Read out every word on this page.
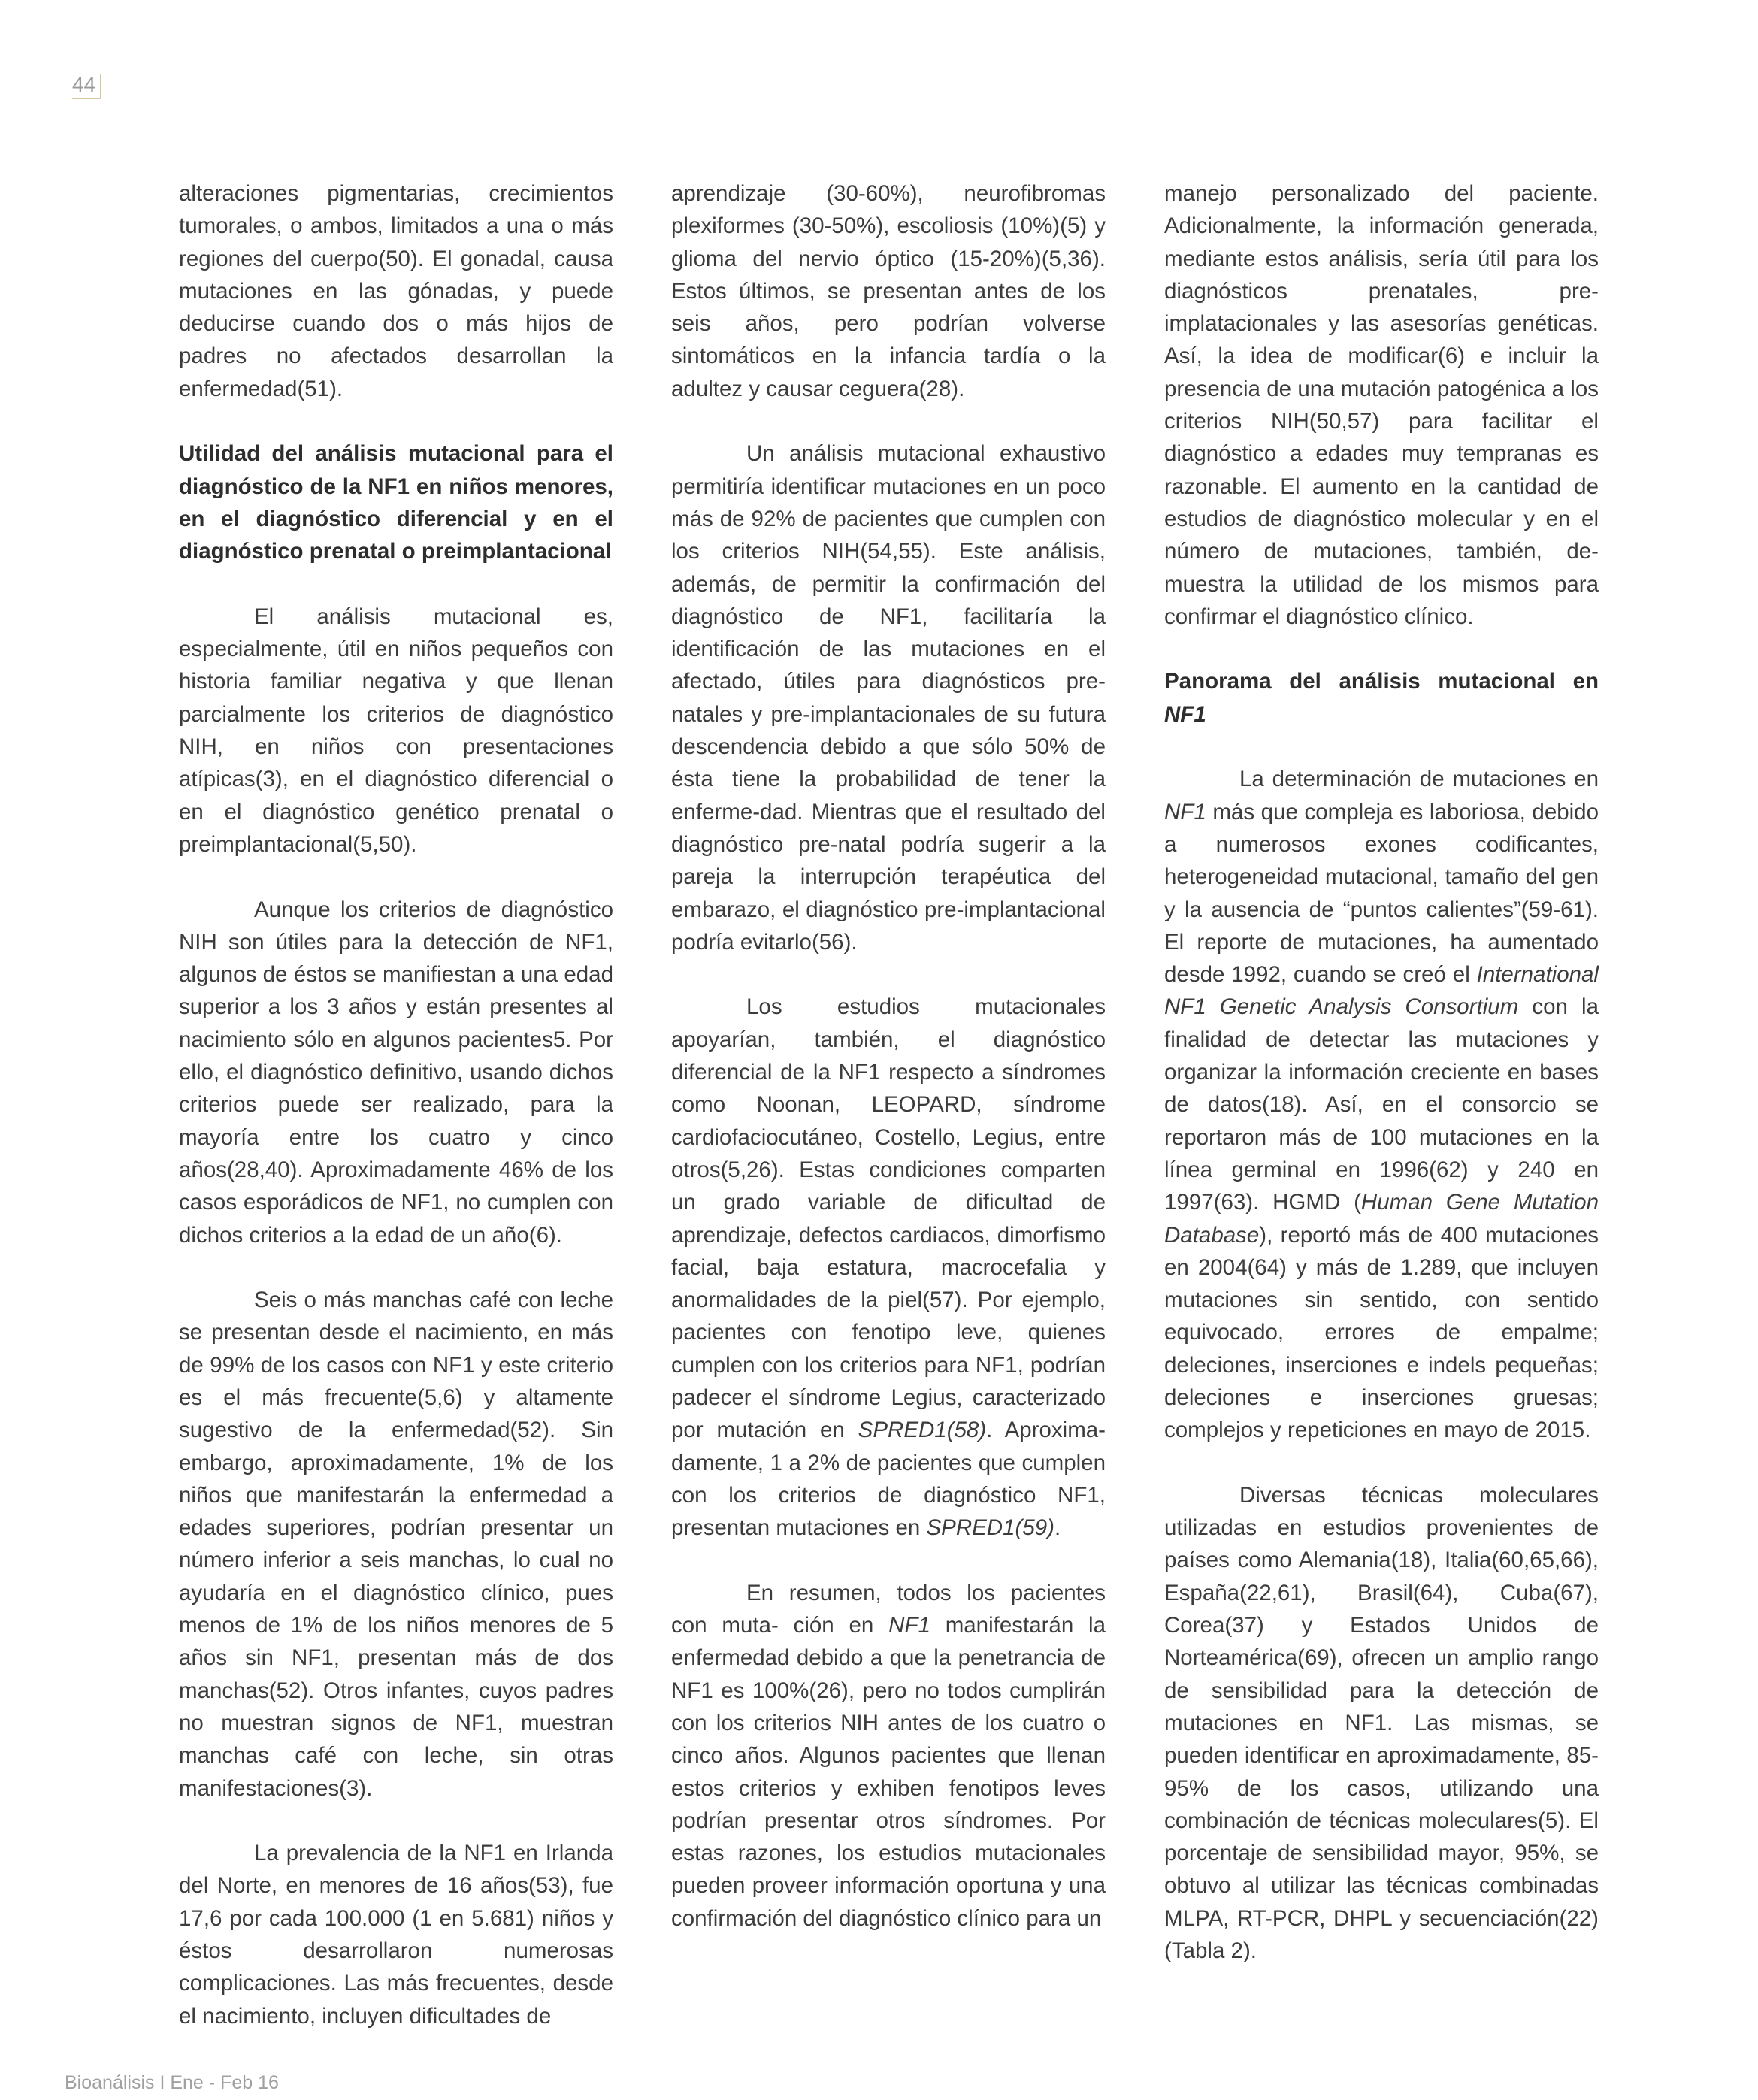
44

alteraciones pigmentarias, crecimientos tumorales, o ambos, limitados a una o más regiones del cuerpo(50). El gonadal, causa mutaciones en las gónadas, y puede deducirse cuando dos o más hijos de padres no afectados desarrollan la enfermedad(51).

Utilidad del análisis mutacional para el diagnóstico de la NF1 en niños menores, en el diagnóstico diferencial y en el diagnóstico prenatal o preimplantacional

El análisis mutacional es, especialmente, útil en niños pequeños con historia familiar negativa y que llenan parcialmente los criterios de diagnóstico NIH, en niños con presentaciones atípicas(3), en el diagnóstico diferencial o en el diagnóstico genético prenatal o preimplantacional(5,50).

Aunque los criterios de diagnóstico NIH son útiles para la detección de NF1, algunos de éstos se manifiestan a una edad superior a los 3 años y están presentes al nacimiento sólo en algunos pacientes5. Por ello, el diagnóstico definitivo, usando dichos criterios puede ser realizado, para la mayoría entre los cuatro y cinco años(28,40). Aproximadamente 46% de los casos esporádicos de NF1, no cumplen con dichos criterios a la edad de un año(6).

Seis o más manchas café con leche se presentan desde el nacimiento, en más de 99% de los casos con NF1 y este criterio es el más frecuente(5,6) y altamente sugestivo de la enfermedad(52). Sin embargo, aproximadamente, 1% de los niños que manifestarán la enfermedad a edades superiores, podrían presentar un número inferior a seis manchas, lo cual no ayudaría en el diagnóstico clínico, pues menos de 1% de los niños menores de 5 años sin NF1, presentan más de dos manchas(52). Otros infantes, cuyos padres no muestran signos de NF1, muestran manchas café con leche, sin otras manifestaciones(3).

La prevalencia de la NF1 en Irlanda del Norte, en menores de 16 años(53), fue 17,6 por cada 100.000 (1 en 5.681) niños y éstos desarrollaron numerosas complicaciones. Las más frecuentes, desde el nacimiento, incluyen dificultades de

aprendizaje (30-60%), neurofibromas plexiformes (30-50%), escoliosis (10%)(5) y glioma del nervio óptico (15-20%)(5,36). Estos últimos, se presentan antes de los seis años, pero podrían volverse sintomáticos en la infancia tardía o la adultez y causar ceguera(28).

Un análisis mutacional exhaustivo permitiría identificar mutaciones en un poco más de 92% de pacientes que cumplen con los criterios NIH(54,55). Este análisis, además, de permitir la confirmación del diagnóstico de NF1, facilitaría la identificación de las mutaciones en el afectado, útiles para diagnósticos pre-natales y pre-implantacionales de su futura descendencia debido a que sólo 50% de ésta tiene la probabilidad de tener la enferme-dad. Mientras que el resultado del diagnóstico pre-natal podría sugerir a la pareja la interrupción terapéutica del embarazo, el diagnóstico pre-implantacional podría evitarlo(56).

Los estudios mutacionales apoyarían, también, el diagnóstico diferencial de la NF1 respecto a síndromes como Noonan, LEOPARD, síndrome cardiofaciocutáneo, Costello, Legius, entre otros(5,26). Estas condiciones comparten un grado variable de dificultad de aprendizaje, defectos cardiacos, dimorfismo facial, baja estatura, macrocefalia y anormalidades de la piel(57). Por ejemplo, pacientes con fenotipo leve, quienes cumplen con los criterios para NF1, podrían padecer el síndrome Legius, caracterizado por mutación en SPRED1(58). Aproxima-damente, 1 a 2% de pacientes que cumplen con los criterios de diagnóstico NF1, presentan mutaciones en SPRED1(59).

En resumen, todos los pacientes con muta- ción en NF1 manifestarán la enfermedad debido a que la penetrancia de NF1 es 100%(26), pero no todos cumplirán con los criterios NIH antes de los cuatro o cinco años. Algunos pacientes que llenan estos criterios y exhiben fenotipos leves podrían presentar otros síndromes. Por estas razones, los estudios mutacionales pueden proveer información oportuna y una confirmación del diagnóstico clínico para un

manejo personalizado del paciente. Adicionalmente, la información generada, mediante estos análisis, sería útil para los diagnósticos prenatales, pre-implatacionales y las asesorías genéticas. Así, la idea de modificar(6) e incluir la presencia de una mutación patogénica a los criterios NIH(50,57) para facilitar el diagnóstico a edades muy tempranas es razonable. El aumento en la cantidad de estudios de diagnóstico molecular y en el número de mutaciones, también, de-muestra la utilidad de los mismos para confirmar el diagnóstico clínico.

Panorama del análisis mutacional en NF1

La determinación de mutaciones en NF1 más que compleja es laboriosa, debido a numerosos exones codificantes, heterogeneidad mutacional, tamaño del gen y la ausencia de “puntos calientes”(59-61). El reporte de mutaciones, ha aumentado desde 1992, cuando se creó el International NF1 Genetic Analysis Consortium con la finalidad de detectar las mutaciones y organizar la información creciente en bases de datos(18). Así, en el consorcio se reportaron más de 100 mutaciones en la línea germinal en 1996(62) y 240 en 1997(63). HGMD (Human Gene Mutation Database), reportó más de 400 mutaciones en 2004(64) y más de 1.289, que incluyen mutaciones sin sentido, con sentido equivocado, errores de empalme; deleciones, inserciones e indels pequeñas; deleciones e inserciones gruesas; complejos y repeticiones en mayo de 2015.

Diversas técnicas moleculares utilizadas en estudios provenientes de países como Alemania(18), Italia(60,65,66), España(22,61), Brasil(64), Cuba(67), Corea(37) y Estados Unidos de Norteamérica(69), ofrecen un amplio rango de sensibilidad para la detección de mutaciones en NF1. Las mismas, se pueden identificar en aproximadamente, 85-95% de los casos, utilizando una combinación de técnicas moleculares(5). El porcentaje de sensibilidad mayor, 95%, se obtuvo al utilizar las técnicas combinadas MLPA, RT-PCR, DHPL y secuenciación(22) (Tabla 2).

Bioanálisis I Ene - Feb 16
